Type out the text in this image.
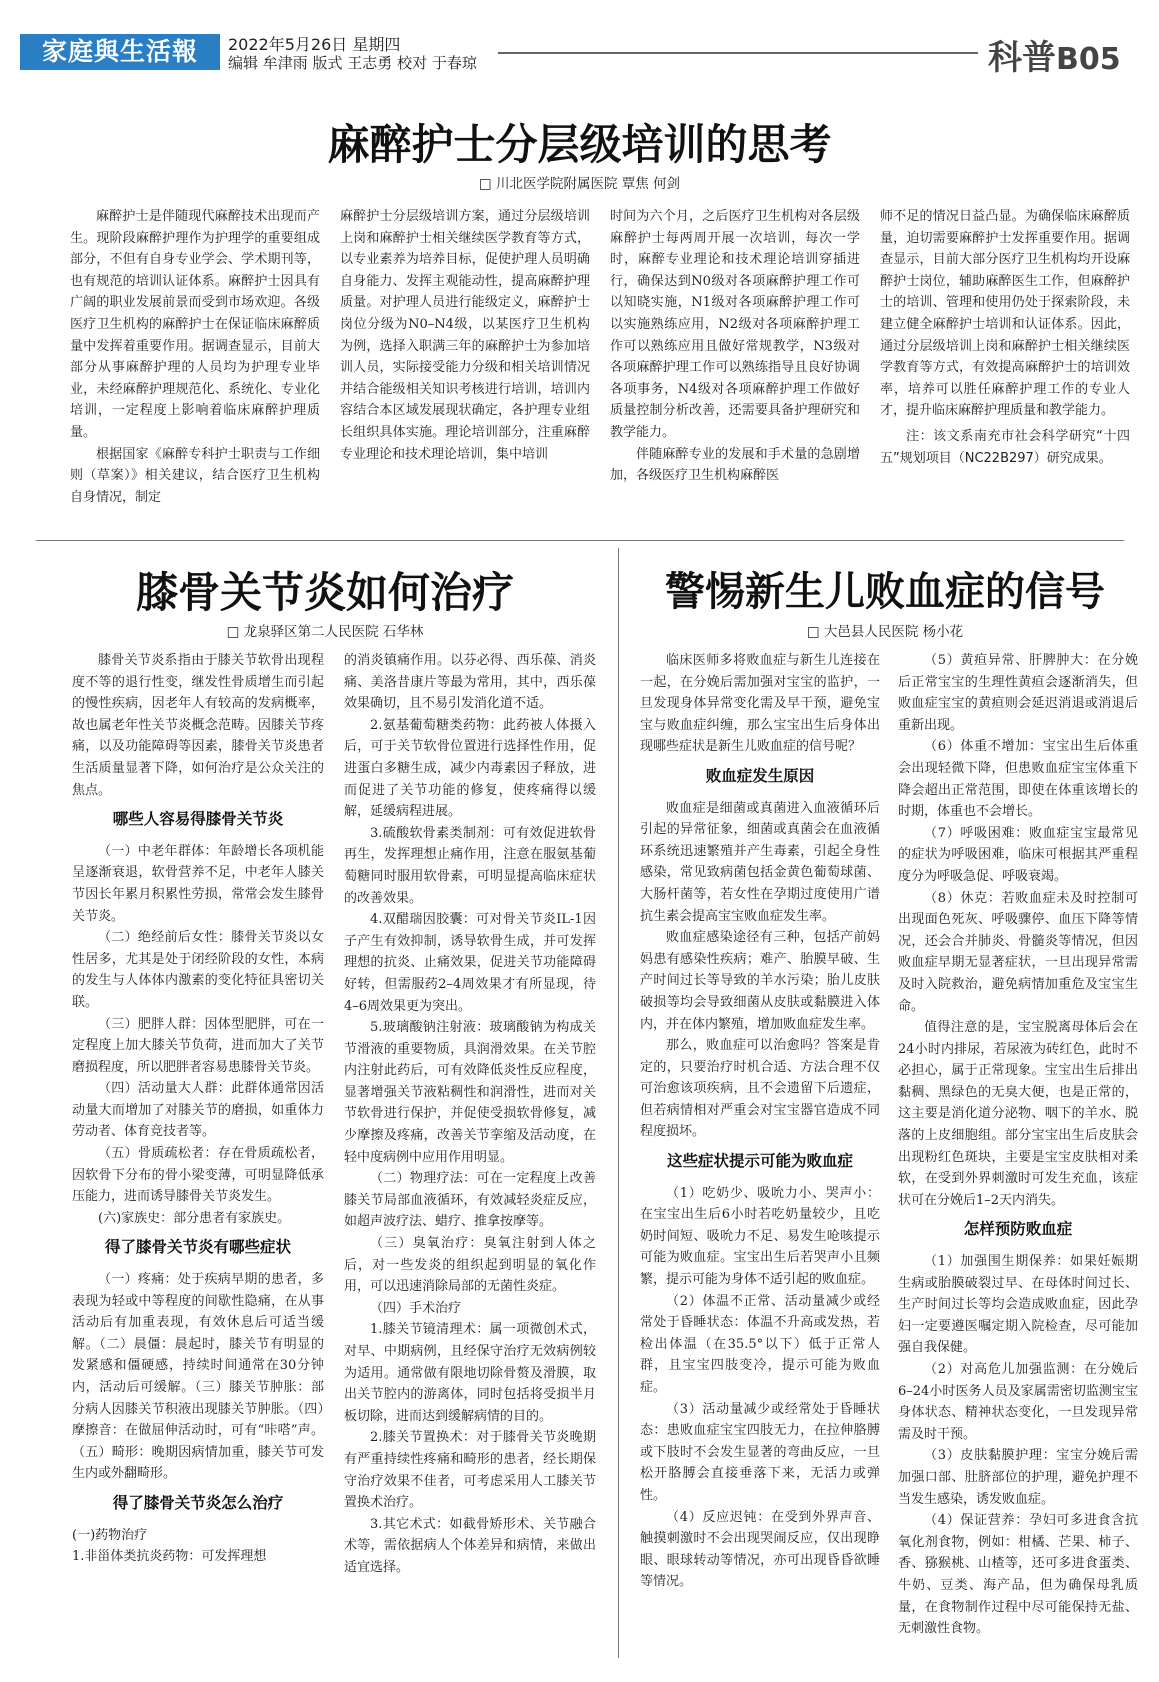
家庭與生活報	2022年5月26日 星期四
编辑 牟津雨 版式 王志勇 校对 于春琼	科普B05
麻醉护士分层级培训的思考
□ 川北医学院附属医院 覃焦 何剑

麻醉护士是伴随现代麻醉技术出现而产生。现阶段麻醉护理作为护理学的重要组成部分，不但有自身专业学会、学术期刊等，也有规范的培训认证体系。麻醉护士因具有广阔的职业发展前景而受到市场欢迎。各级医疗卫生机构的麻醉护士在保证临床麻醉质量中发挥着重要作用。据调查显示，目前大部分从事麻醉护理的人员均为护理专业毕业，未经麻醉护理规范化、系统化、专业化培训，一定程度上影响着临床麻醉护理质量。

根据国家《麻醉专科护士职责与工作细则（草案）》相关建议，结合医疗卫生机构自身情况，制定

麻醉护士分层级培训方案，通过分层级培训上岗和麻醉护士相关继续医学教育等方式，以专业素养为培养目标，促使护理人员明确自身能力、发挥主观能动性，提高麻醉护理质量。对护理人员进行能级定义，麻醉护士岗位分级为N0–N4级，以某医疗卫生机构为例，选择入职满三年的麻醉护士为参加培训人员，实际接受能力分级和相关培训情况并结合能级相关知识考核进行培训，培训内容结合本区域发展现状确定，各护理专业组长组织具体实施。理论培训部分，注重麻醉专业理论和技术理论培训，集中培训

时间为六个月，之后医疗卫生机构对各层级麻醉护士每两周开展一次培训，每次一学时，麻醉专业理论和技术理论培训穿插进行，确保达到N0级对各项麻醉护理工作可以知晓实施，N1级对各项麻醉护理工作可以实施熟练应用，N2级对各项麻醉护理工作可以熟练应用且做好常规教学，N3级对各项麻醉护理工作可以熟练指导且良好协调各项事务，N4级对各项麻醉护理工作做好质量控制分析改善，还需要具备护理研究和教学能力。

伴随麻醉专业的发展和手术量的急剧增加，各级医疗卫生机构麻醉医

师不足的情况日益凸显。为确保临床麻醉质量，迫切需要麻醉护士发挥重要作用。据调查显示，目前大部分医疗卫生机构均开设麻醉护士岗位，辅助麻醉医生工作，但麻醉护士的培训、管理和使用仍处于探索阶段，未建立健全麻醉护士培训和认证体系。因此，通过分层级培训上岗和麻醉护士相关继续医学教育等方式，有效提高麻醉护士的培训效率，培养可以胜任麻醉护理工作的专业人才，提升临床麻醉护理质量和教学能力。

注：该文系南充市社会科学研究“十四五”规划项目（NC22B297）研究成果。

膝骨关节炎如何治疗
□ 龙泉驿区第二人民医院 石华林

膝骨关节炎系指由于膝关节软骨出现程度不等的退行性变，继发性骨质增生而引起的慢性疾病，因老年人有较高的发病概率，故也属老年性关节炎概念范畴。因膝关节疼痛，以及功能障碍等因素，膝骨关节炎患者生活质量显著下降，如何治疗是公众关注的焦点。

哪些人容易得膝骨关节炎

（一）中老年群体：年龄增长各项机能呈逐渐衰退，软骨营养不足，中老年人膝关节因长年累月积累性劳损，常常会发生膝骨关节炎。

（二）绝经前后女性：膝骨关节炎以女性居多，尤其是处于闭经阶段的女性，本病的发生与人体体内激素的变化特征具密切关联。

（三）肥胖人群：因体型肥胖，可在一定程度上加大膝关节负荷，进而加大了关节磨损程度，所以肥胖者容易患膝骨关节炎。

（四）活动量大人群：此群体通常因活动量大而增加了对膝关节的磨损，如重体力劳动者、体育竞技者等。

（五）骨质疏松者：存在骨质疏松者，因软骨下分布的骨小梁变薄，可明显降低承压能力，进而诱导膝骨关节炎发生。

(六)家族史：部分患者有家族史。

得了膝骨关节炎有哪些症状

（一）疼痛：处于疾病早期的患者，多表现为轻或中等程度的间歇性隐痛，在从事活动后有加重表现，有效休息后可适当缓解。（二）晨僵：晨起时，膝关节有明显的发紧感和僵硬感，持续时间通常在30分钟内，活动后可缓解。（三）膝关节肿胀：部分病人因膝关节积液出现膝关节肿胀。（四）摩擦音：在做屈伸活动时，可有“咔嗒”声。（五）畸形：晚期因病情加重，膝关节可发生内或外翻畸形。

得了膝骨关节炎怎么治疗

(一)药物治疗

1.非甾体类抗炎药物：可发挥理想

的消炎镇痛作用。以芬必得、西乐葆、消炎痛、美洛昔康片等最为常用，其中，西乐葆效果确切，且不易引发消化道不适。

2.氨基葡萄糖类药物：此药被人体摄入后，可于关节软骨位置进行选择性作用，促进蛋白多糖生成，减少内毒素因子释放，进而促进了关节功能的修复，使疼痛得以缓解，延缓病程进展。

3.硫酸软骨素类制剂：可有效促进软骨再生，发挥理想止痛作用，注意在服氨基葡萄糖同时服用软骨素，可明显提高临床症状的改善效果。

4.双醋瑞因胶囊：可对骨关节炎IL-1因子产生有效抑制，诱导软骨生成，并可发挥理想的抗炎、止痛效果，促进关节功能障碍好转，但需服药2–4周效果才有所显现，待4–6周效果更为突出。

5.玻璃酸钠注射液：玻璃酸钠为构成关节滑液的重要物质，具润滑效果。在关节腔内注射此药后，可有效降低炎性反应程度，显著增强关节液粘稠性和润滑性，进而对关节软骨进行保护，并促使受损软骨修复，减少摩擦及疼痛，改善关节挛缩及活动度，在轻中度病例中应用作用明显。

（二）物理疗法：可在一定程度上改善膝关节局部血液循环，有效减轻炎症反应，如超声波疗法、蜡疗、推拿按摩等。

（三）臭氧治疗：臭氧注射到人体之后，对一些发炎的组织起到明显的氧化作用，可以迅速消除局部的无菌性炎症。

（四）手术治疗

1.膝关节镜清理术：属一项微创术式，对早、中期病例，且经保守治疗无效病例较为适用。通常做有限地切除骨赘及滑膜，取出关节腔内的游离体，同时包括将受损半月板切除，进而达到缓解病情的目的。

2.膝关节置换术：对于膝骨关节炎晚期有严重持续性疼痛和畸形的患者，经长期保守治疗效果不佳者，可考虑采用人工膝关节置换术治疗。

3.其它术式：如截骨矫形术、关节融合术等，需依据病人个体差异和病情，来做出适宜选择。

警惕新生儿败血症的信号
□ 大邑县人民医院 杨小花

临床医师多将败血症与新生儿连接在一起，在分娩后需加强对宝宝的监护，一旦发现身体异常变化需及早干预，避免宝宝与败血症纠缠，那么宝宝出生后身体出现哪些症状是新生儿败血症的信号呢？

败血症发生原因

败血症是细菌或真菌进入血液循环后引起的异常征象，细菌或真菌会在血液循环系统迅速繁殖并产生毒素，引起全身性感染，常见致病菌包括金黄色葡萄球菌、大肠杆菌等，若女性在孕期过度使用广谱抗生素会提高宝宝败血症发生率。

败血症感染途径有三种，包括产前妈妈患有感染性疾病；难产、胎膜早破、生产时间过长等导致的羊水污染；胎儿皮肤破损等均会导致细菌从皮肤或黏膜进入体内，并在体内繁殖，增加败血症发生率。

那么，败血症可以治愈吗？答案是肯定的，只要治疗时机合适、方法合理不仅可治愈该项疾病，且不会遗留下后遗症，但若病情相对严重会对宝宝器官造成不同程度损坏。

这些症状提示可能为败血症

（1）吃奶少、吸吮力小、哭声小：在宝宝出生后6小时若吃奶量较少，且吃奶时间短、吸吮力不足、易发生呛咳提示可能为败血症。宝宝出生后若哭声小且频繁，提示可能为身体不适引起的败血症。

（2）体温不正常、活动量减少或经常处于昏睡状态：体温不升高或发热，若检出体温（在35.5°以下）低于正常人群，且宝宝四肢变冷，提示可能为败血症。

（3）活动量减少或经常处于昏睡状态：患败血症宝宝四肢无力，在拉伸胳膊或下肢时不会发生显著的弯曲反应，一旦松开胳膊会直接垂落下来，无活力或弹性。

（4）反应迟钝：在受到外界声音、触摸刺激时不会出现哭闹反应，仅出现睁眼、眼球转动等情况，亦可出现昏昏欲睡等情况。

（5）黄疸异常、肝脾肿大：在分娩后正常宝宝的生理性黄疸会逐渐消失，但败血症宝宝的黄疸则会延迟消退或消退后重新出现。

（6）体重不增加：宝宝出生后体重会出现轻微下降，但患败血症宝宝体重下降会超出正常范围，即使在体重该增长的时期，体重也不会增长。

（7）呼吸困难：败血症宝宝最常见的症状为呼吸困难，临床可根据其严重程度分为呼吸急促、呼吸衰竭。

（8）休克：若败血症未及时控制可出现面色死灰、呼吸骤停、血压下降等情况，还会合并肺炎、骨髓炎等情况，但因败血症早期无显著症状，一旦出现异常需及时入院救治，避免病情加重危及宝宝生命。

值得注意的是，宝宝脱离母体后会在24小时内排尿，若尿液为砖红色，此时不必担心，属于正常现象。宝宝出生后排出黏稠、黑绿色的无臭大便，也是正常的，这主要是消化道分泌物、咽下的羊水、脱落的上皮细胞组。部分宝宝出生后皮肤会出现粉红色斑块，主要是宝宝皮肤相对柔软，在受到外界刺激时可发生充血，该症状可在分娩后1–2天内消失。

怎样预防败血症

（1）加强围生期保养：如果妊娠期生病或胎膜破裂过早、在母体时间过长、生产时间过长等均会造成败血症，因此孕妇一定要遵医嘱定期入院检查，尽可能加强自我保健。

（2）对高危儿加强监测：在分娩后6–24小时医务人员及家属需密切监测宝宝身体状态、精神状态变化，一旦发现异常需及时干预。

（3）皮肤黏膜护理：宝宝分娩后需加强口部、肚脐部位的护理，避免护理不当发生感染，诱发败血症。

（4）保证营养：孕妇可多进食含抗氧化剂食物，例如：柑橘、芒果、柿子、香、猕猴桃、山楂等，还可多进食蛋类、牛奶、豆类、海产品，但为确保母乳质量，在食物制作过程中尽可能保持无盐、无刺激性食物。
